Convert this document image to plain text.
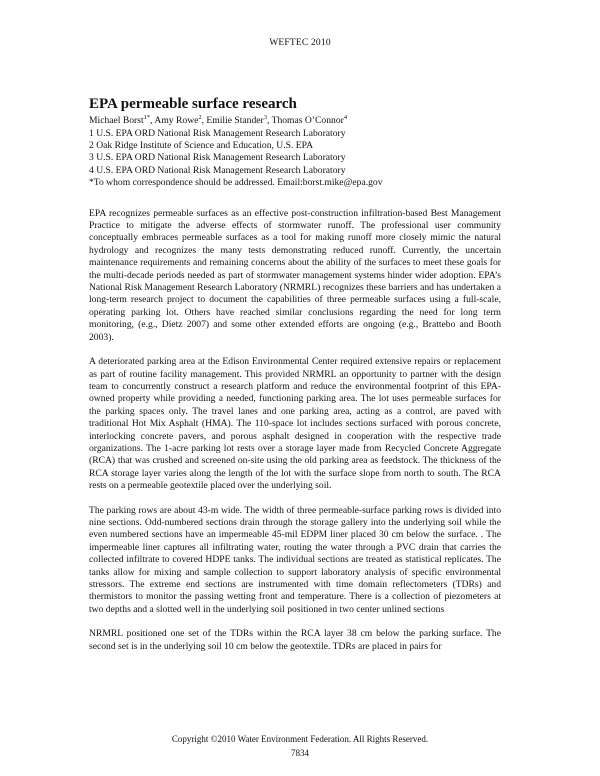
WEFTEC 2010
EPA permeable surface research

Michael Borst$^{1*}$, Amy Rowe$^2$, Emilie Stander$^3$, Thomas O’Connor$^4$

1 U.S. EPA ORD National Risk Management Research Laboratory

2 Oak Ridge Institute of Science and Education, U.S. EPA

3 U.S. EPA ORD National Risk Management Research Laboratory

4 U.S. EPA ORD National Risk Management Research Laboratory

*To whom correspondence should be addressed. Email:borst.mike@epa.gov

EPA recognizes permeable surfaces as an effective post-construction infiltration-based Best Management Practice to mitigate the adverse effects of stormwater runoff. The professional user community conceptually embraces permeable surfaces as a tool for making runoff more closely mimic the natural hydrology and recognizes the many tests demonstrating reduced runoff. Currently, the uncertain maintenance requirements and remaining concerns about the ability of the surfaces to meet these goals for the multi-decade periods needed as part of stormwater management systems hinder wider adoption. EPA’s National Risk Management Research Laboratory (NRMRL) recognizes these barriers and has undertaken a long-term research project to document the capabilities of three permeable surfaces using a full-scale, operating parking lot. Others have reached similar conclusions regarding the need for long term monitoring, (e.g., Dietz 2007) and some other extended efforts are ongoing (e.g., Brattebo and Booth 2003).

A deteriorated parking area at the Edison Environmental Center required extensive repairs or replacement as part of routine facility management. This provided NRMRL an opportunity to partner with the design team to concurrently construct a research platform and reduce the environmental footprint of this EPA-owned property while providing a needed, functioning parking area. The lot uses permeable surfaces for the parking spaces only. The travel lanes and one parking area, acting as a control, are paved with traditional Hot Mix Asphalt (HMA). The 110-space lot includes sections surfaced with porous concrete, interlocking concrete pavers, and porous asphalt designed in cooperation with the respective trade organizations. The 1-acre parking lot rests over a storage layer made from Recycled Concrete Aggregate (RCA) that was crushed and screened on-site using the old parking area as feedstock. The thickness of the RCA storage layer varies along the length of the lot with the surface slope from north to south. The RCA rests on a permeable geotextile placed over the underlying soil.

The parking rows are about 43-m wide. The width of three permeable-surface parking rows is divided into nine sections. Odd-numbered sections drain through the storage gallery into the underlying soil while the even numbered sections have an impermeable 45-mil EDPM liner placed 30 cm below the surface. . The impermeable liner captures all infiltrating water, routing the water through a PVC drain that carries the collected infiltrate to covered HDPE tanks. The individual sections are treated as statistical replicates. The tanks allow for mixing and sample collection to support laboratory analysis of specific environmental stressors. The extreme end sections are instrumented with time domain reflectometers (TDRs) and thermistors to monitor the passing wetting front and temperature. There is a collection of piezometers at two depths and a slotted well in the underlying soil positioned in two center unlined sections

NRMRL positioned one set of the TDRs within the RCA layer 38 cm below the parking surface. The second set is in the underlying soil 10 cm below the geotextile. TDRs are placed in pairs for

Copyright ©2010 Water Environment Federation. All Rights Reserved.
7834
